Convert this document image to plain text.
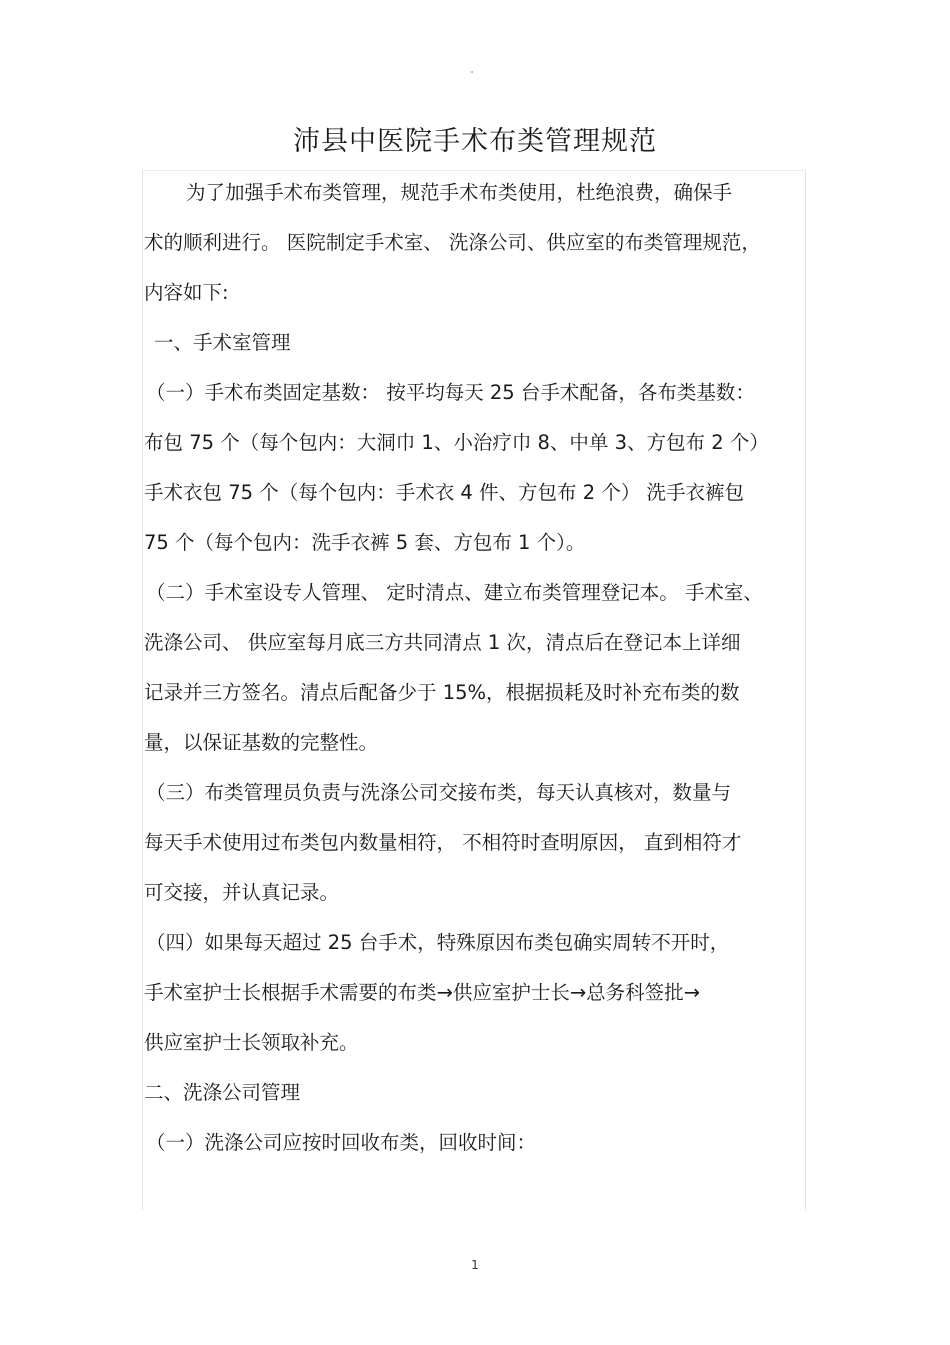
"
沛县中医院手术布类管理规范
为了加强手术布类管理，规范手术布类使用，杜绝浪费，确保手
术的顺利进行。 医院制定手术室、 洗涤公司、供应室的布类管理规范，
内容如下:
一、手术室管理
（一）手术布类固定基数： 按平均每天 25 台手术配备，各布类基数：
布包 75 个（每个包内：大洞巾 1、小治疗巾 8、中单 3、方包布 2 个）
手术衣包 75 个（每个包内：手术衣 4 件、方包布 2 个） 洗手衣裤包
75 个（每个包内：洗手衣裤 5 套、方包布 1 个）。
（二）手术室设专人管理、 定时清点、建立布类管理登记本。 手术室、
洗涤公司、 供应室每月底三方共同清点 1 次，清点后在登记本上详细
记录并三方签名。清点后配备少于 15%，根据损耗及时补充布类的数
量，以保证基数的完整性。
（三）布类管理员负责与洗涤公司交接布类，每天认真核对，数量与
每天手术使用过布类包内数量相符， 不相符时查明原因， 直到相符才
可交接，并认真记录。
（四）如果每天超过 25 台手术，特殊原因布类包确实周转不开时，
手术室护士长根据手术需要的布类→供应室护士长→总务科签批→
供应室护士长领取补充。
二、洗涤公司管理
（一）洗涤公司应按时回收布类，回收时间：
1
